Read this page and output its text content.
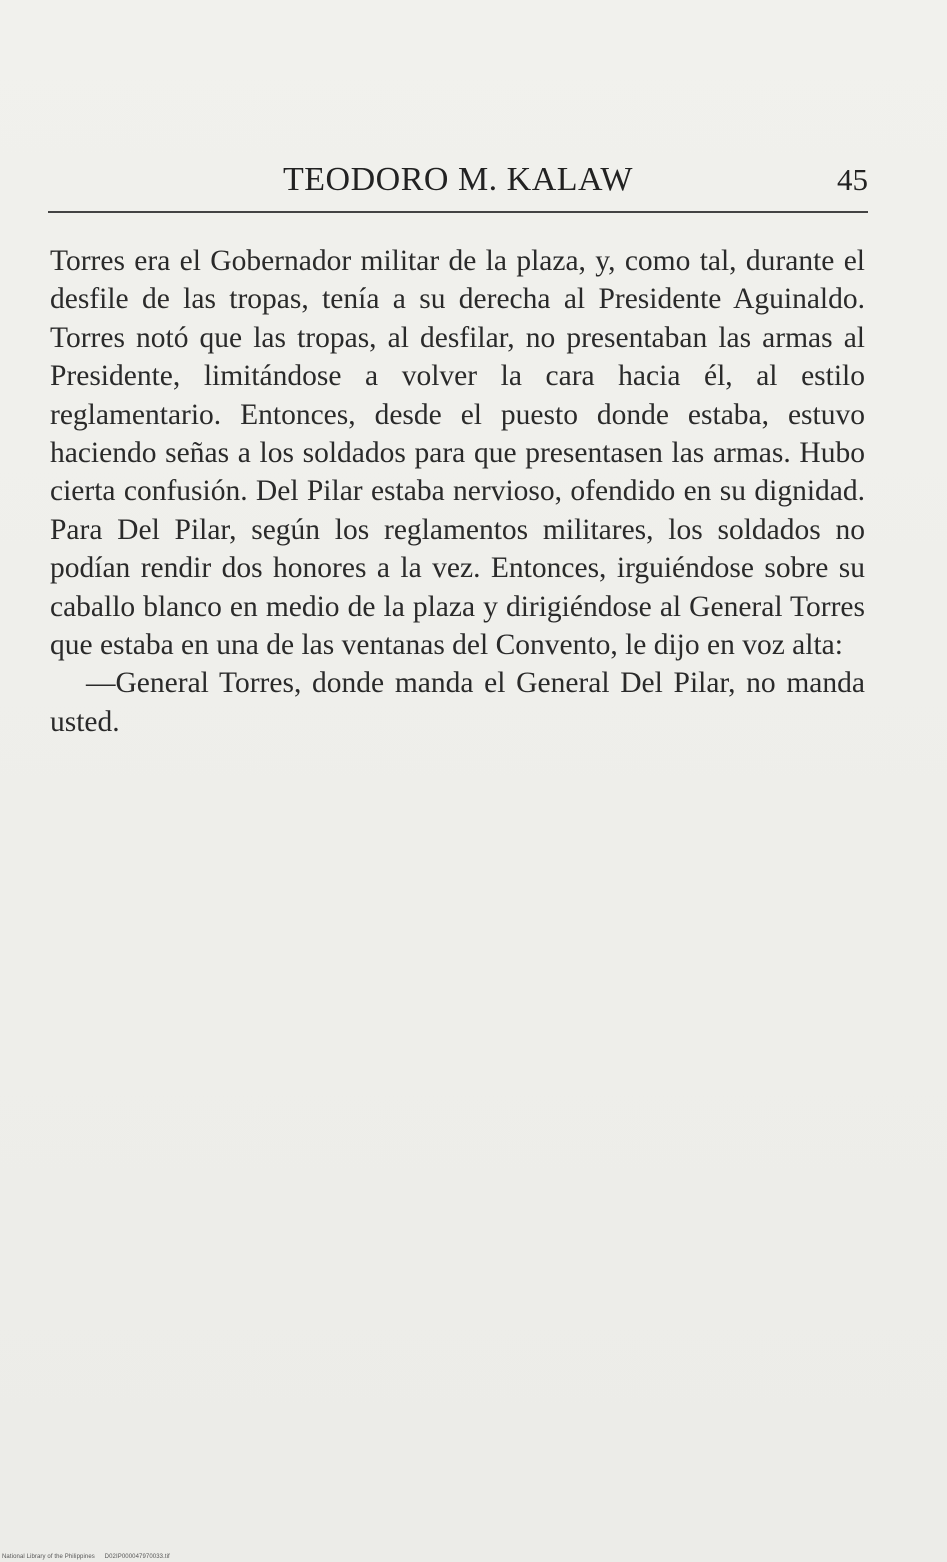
TEODORO M. KALAW	45

Torres era el Gobernador militar de la plaza, y, como tal, durante el desfile de las tropas, tenía a su derecha al Presidente Aguinaldo. Torres notó que las tropas, al desfilar, no presentaban las armas al Presidente, limitándose a volver la cara hacia él, al estilo reglamentario. Entonces, desde el puesto donde estaba, estuvo haciendo señas a los soldados para que presentasen las armas. Hubo cierta confusión. Del Pilar estaba nervioso, ofendido en su dignidad. Para Del Pilar, según los reglamentos militares, los soldados no podían rendir dos honores a la vez. Entonces, irguiéndose sobre su caballo blanco en medio de la plaza y dirigiéndose al General Torres que estaba en una de las ventanas del Convento, le dijo en voz alta:

—General Torres, donde manda el General Del Pilar, no manda usted.

National Library of the Philippines D02IP000047970033.tif
